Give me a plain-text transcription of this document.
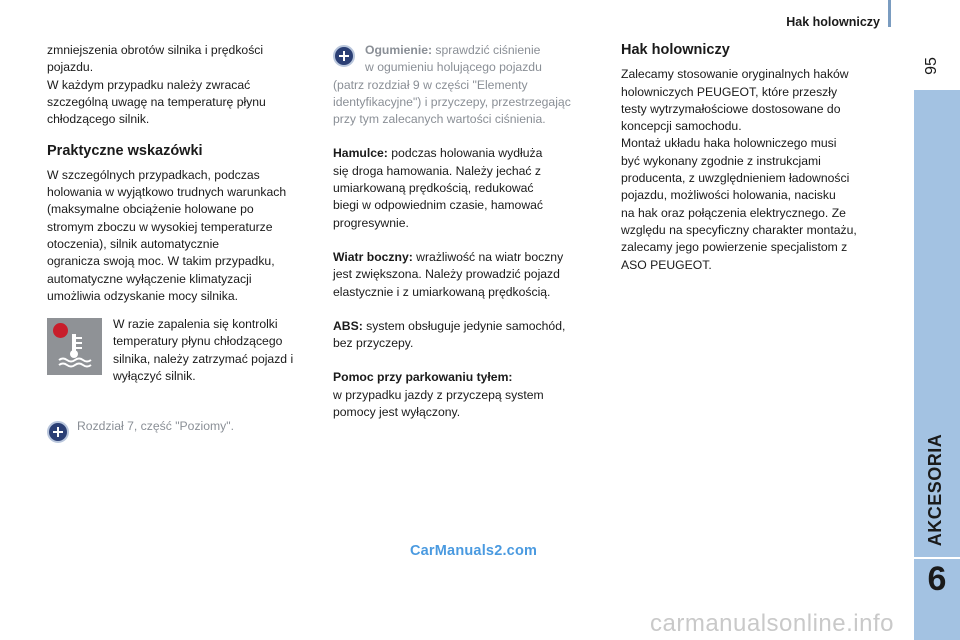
Hak holowniczy
95
AKCESORIA
6

zmniejszenia obrotów silnika i prędkości
pojazdu.
W każdym przypadku należy zwracać
szczególną uwagę na temperaturę płynu
chłodzącego silnik.

Praktyczne wskazówki

W szczególnych przypadkach, podczas
holowania w wyjątkowo trudnych warunkach
(maksymalne obciążenie holowane po
stromym zboczu w wysokiej temperaturze
otoczenia), silnik automatycznie
ogranicza swoją moc. W takim przypadku,
automatyczne wyłączenie klimatyzacji
umożliwia odzyskanie mocy silnika.

W razie zapalenia się kontrolki
temperatury płynu chłodzącego
silnika, należy zatrzymać pojazd i
wyłączyć silnik.
Rozdział 7, część "Poziomy".

Ogumienie: sprawdzić ciśnienie
w ogumieniu holującego pojazdu
(patrz rozdział 9 w części "Elementy
identyfikacyjne") i przyczepy, przestrzegając
przy tym zalecanych wartości ciśnienia.

Hamulce: podczas holowania wydłuża
się droga hamowania. Należy jechać z
umiarkowaną prędkością, redukować
biegi w odpowiednim czasie, hamować
progresywnie.

Wiatr boczny: wrażliwość na wiatr boczny
jest zwiększona. Należy prowadzić pojazd
elastycznie i z umiarkowaną prędkością.

ABS: system obsługuje jedynie samochód,
bez przyczepy.

Pomoc przy parkowaniu tyłem:
w przypadku jazdy z przyczepą system
pomocy jest wyłączony.

Hak holowniczy

Zalecamy stosowanie oryginalnych haków
holowniczych PEUGEOT, które przeszły
testy wytrzymałościowe dostosowane do
koncepcji samochodu.
Montaż układu haka holowniczego musi
być wykonany zgodnie z instrukcjami
producenta, z uwzględnieniem ładowności
pojazdu, możliwości holowania, nacisku
na hak oraz połączenia elektrycznego. Ze
względu na specyficzny charakter montażu,
zalecamy jego powierzenie specjalistom z
ASO PEUGEOT.

CarManuals2.com
carmanualsonline.info
